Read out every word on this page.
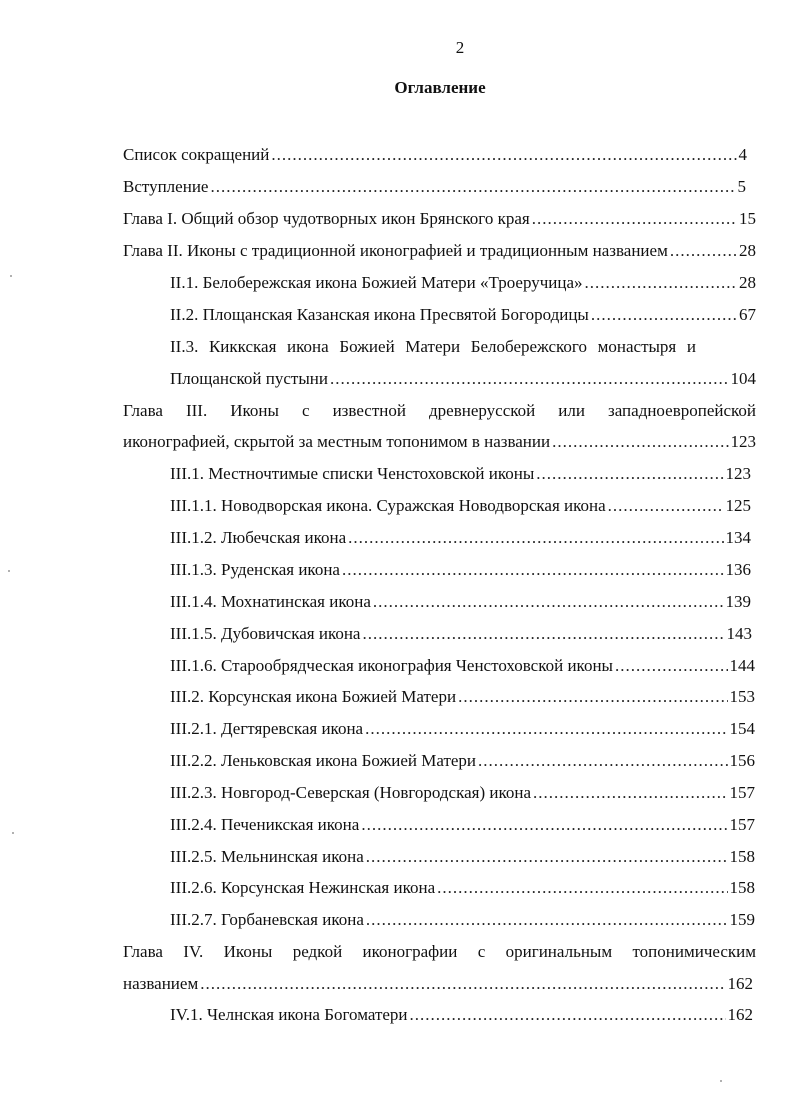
2
Оглавление
Список сокращений .....	4
Вступление .....	5
Глава I. Общий обзор чудотворных икон Брянского края .....	15
Глава II. Иконы с традиционной иконографией и традиционным названием .....	28
II.1. Белобережская икона Божией Матери «Троеручица» .....	28
II.2. Площанская Казанская икона Пресвятой Богородицы .....	67
II.3. Киккская икона Божией Матери Белобережского монастыря и
Площанской пустыни .....	104
Глава III. Иконы с известной древнерусской или западноевропейской
иконографией, скрытой за местным топонимом в названии .....	123
III.1. Местночтимые списки Ченстоховской иконы .....	123
III.1.1. Новодворская икона. Суражская Новодворская икона .....	125
III.1.2. Любечская икона .....	134
III.1.3. Руденская икона .....	136
III.1.4. Мохнатинская икона .....	139
III.1.5. Дубовичская икона .....	143
III.1.6. Старообрядческая иконография Ченстоховской иконы .....	144
III.2. Корсунская икона Божией Матери .....	153
III.2.1. Дегтяревская икона .....	154
III.2.2. Леньковская икона Божией Матери .....	156
III.2.3. Новгород-Северская (Новгородская) икона .....	157
III.2.4. Печеникская икона .....	157
III.2.5. Мельнинская икона .....	158
III.2.6. Корсунская Нежинская икона .....	158
III.2.7. Горбаневская икона .....	159
Глава IV. Иконы редкой иконографии с оригинальным топонимическим
названием .....	162
IV.1. Челнская икона Богоматери .....	162
